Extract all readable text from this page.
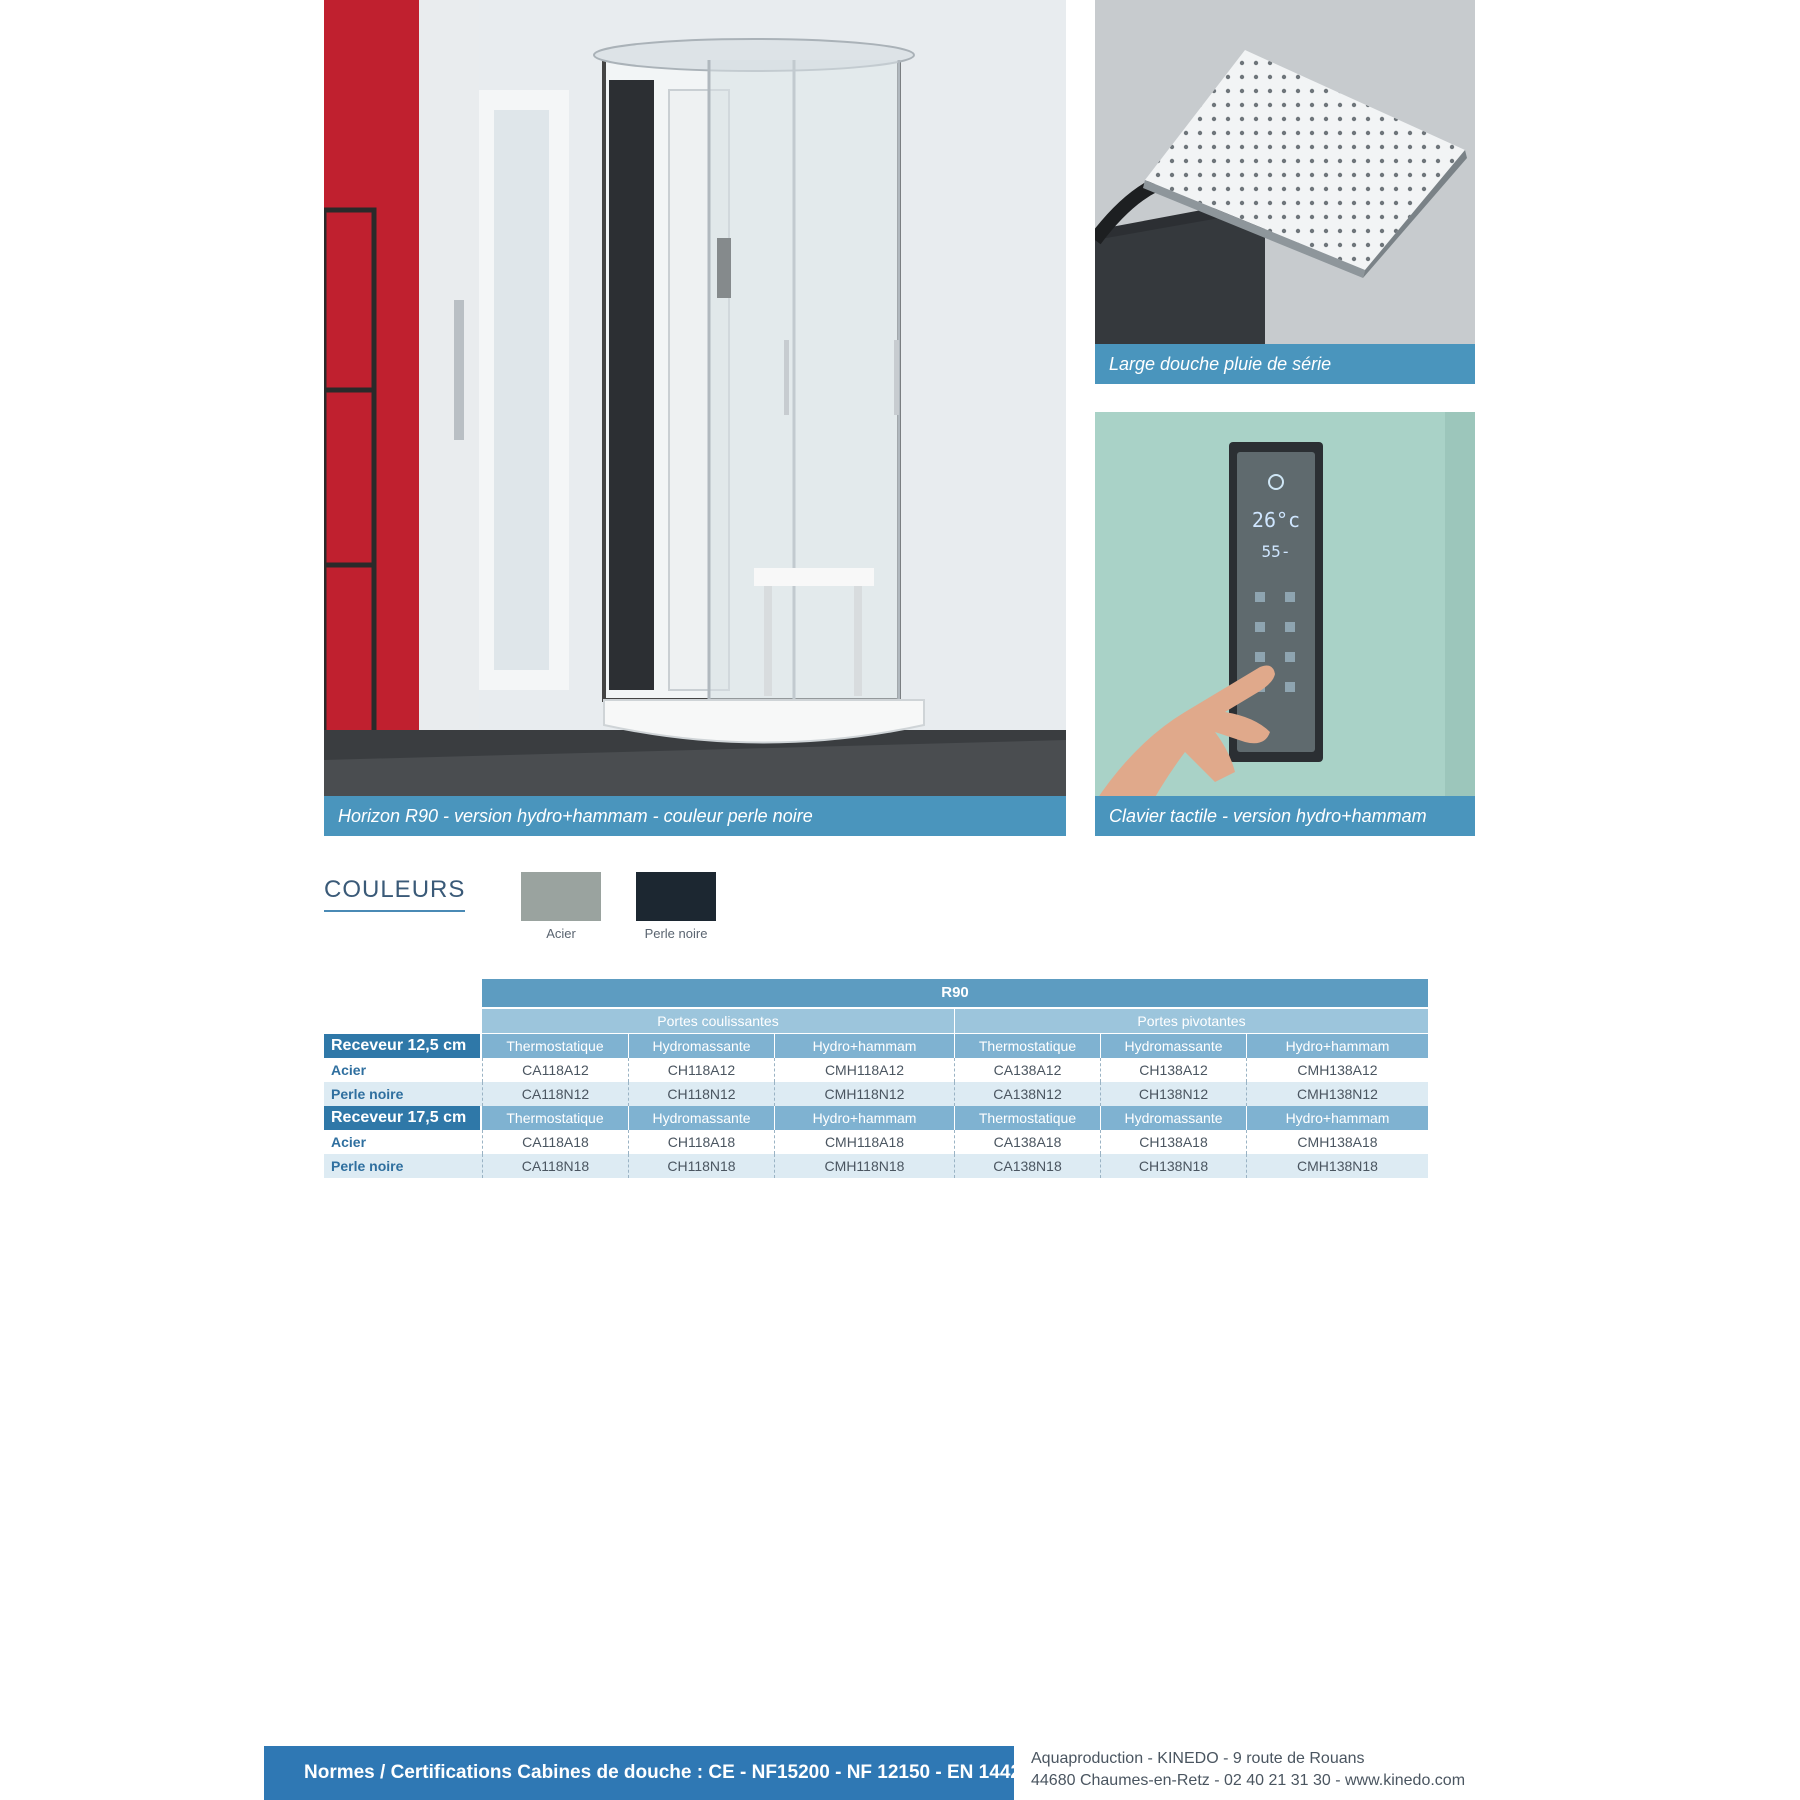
Horizon R90 - version hydro+hammam - couleur perle noire
Large douche pluie de série
26°c
55-
Clavier tactile - version hydro+hammam
COULEURS
Acier	Perle noire
R90
Portes coulissantes	Portes pivotantes
Receveur 12,5 cm	Thermostatique	Hydromassante	Hydro+hammam	Thermostatique	Hydromassante	Hydro+hammam
Acier	CA118A12	CH118A12	CMH118A12	CA138A12	CH138A12	CMH138A12
Perle noire	CA118N12	CH118N12	CMH118N12	CA138N12	CH138N12	CMH138N12
Receveur 17,5 cm	Thermostatique	Hydromassante	Hydro+hammam	Thermostatique	Hydromassante	Hydro+hammam
Acier	CA118A18	CH118A18	CMH118A18	CA138A18	CH138A18	CMH138A18
Perle noire	CA118N18	CH118N18	CMH118N18	CA138N18	CH138N18	CMH138N18
Normes / Certifications Cabines de douche : CE - NF15200 - NF 12150 - EN 14428
Aquaproduction - KINEDO - 9 route de Rouans
44680 Chaumes-en-Retz - 02 40 21 31 30 - www.kinedo.com
